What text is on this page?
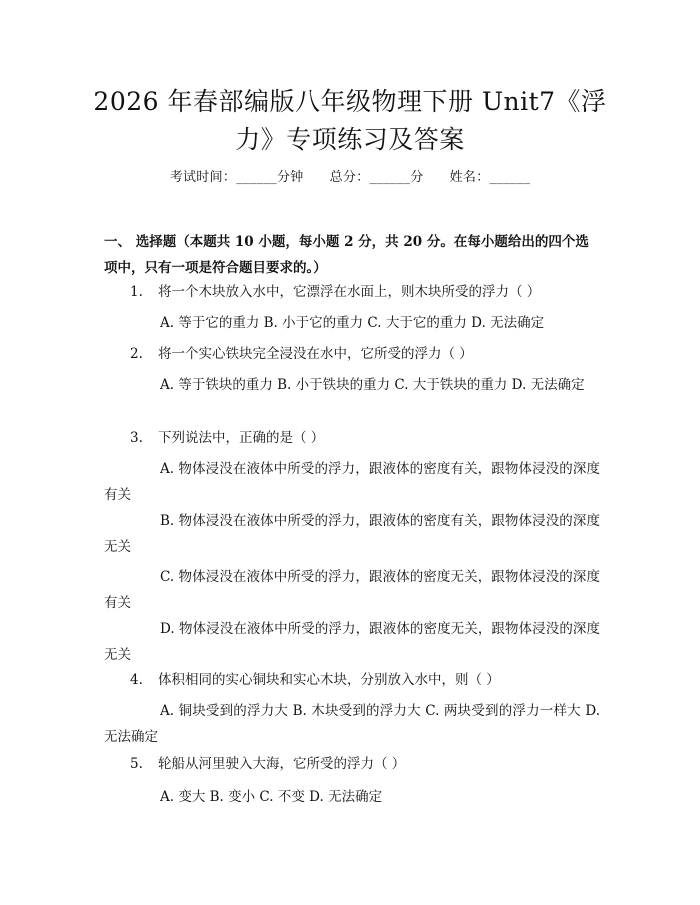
2026 年春部编版八年级物理下册 Unit7《浮
力》专项练习及答案
考试时间：______分钟 总分：______分 姓名：______
一、 选择题（本题共 10 小题，每小题 2 分，共 20 分。在每小题给出的四个选项中，只有一项是符合题目要求的。）
1. 将一个木块放入水中，它漂浮在水面上，则木块所受的浮力（ ）
A. 等于它的重力 B. 小于它的重力 C. 大于它的重力 D. 无法确定
2. 将一个实心铁块完全浸没在水中，它所受的浮力（ ）
A. 等于铁块的重力 B. 小于铁块的重力 C. 大于铁块的重力 D. 无法确定
3. 下列说法中，正确的是（ ）
A. 物体浸没在液体中所受的浮力，跟液体的密度有关，跟物体浸没的深度有关
B. 物体浸没在液体中所受的浮力，跟液体的密度有关，跟物体浸没的深度无关
C. 物体浸没在液体中所受的浮力，跟液体的密度无关，跟物体浸没的深度有关
D. 物体浸没在液体中所受的浮力，跟液体的密度无关，跟物体浸没的深度无关
4. 体积相同的实心铜块和实心木块，分别放入水中，则（ ）
A. 铜块受到的浮力大 B. 木块受到的浮力大 C. 两块受到的浮力一样大 D. 无法确定
5. 轮船从河里驶入大海，它所受的浮力（ ）
A. 变大 B. 变小 C. 不变 D. 无法确定
